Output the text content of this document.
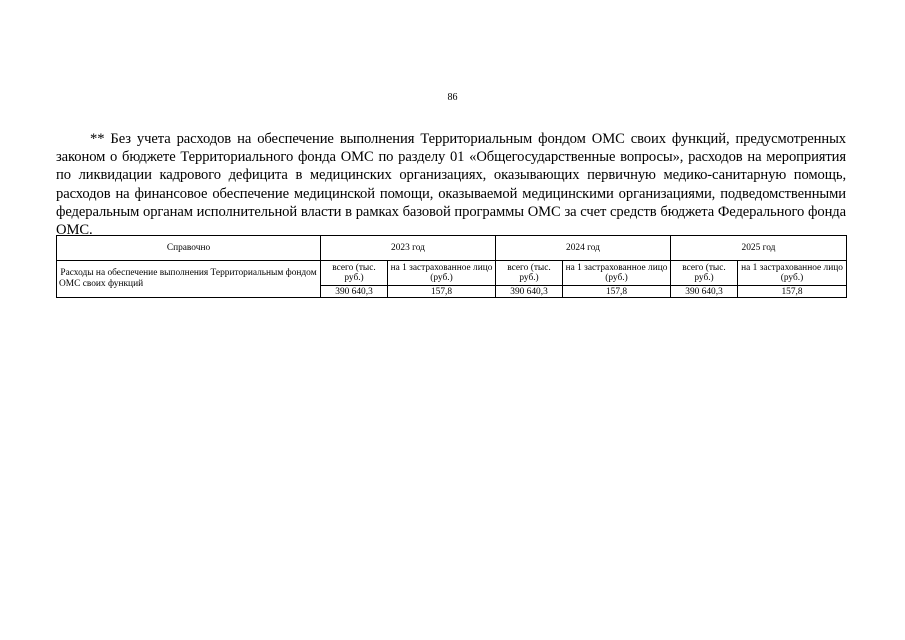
86

** Без учета расходов на обеспечение выполнения Территориальным фондом ОМС своих функций, предусмотренных законом о бюджете Территориального фонда ОМС по разделу 01 «Общегосударственные вопросы», расходов на мероприятия по ликвидации кадрового дефицита в медицинских организациях, оказывающих первичную медико-санитарную помощь, расходов на финансовое обеспечение медицинской помощи, оказываемой медицинскими организациями, подведомственными федеральным органам исполнительной власти в рамках базовой программы ОМС за счет средств бюджета Федерального фонда ОМС.

Справочно	2023 год		2024 год		2025 год	
Расходы на обеспечение выполнения Территориальным фондом ОМС своих функций	всего (тыс. руб.)	на 1 застрахованное лицо (руб.)	всего (тыс. руб.)	на 1 застрахованное лицо (руб.)	всего (тыс. руб.)	на 1 застрахованное лицо (руб.)
	390 640,3	157,8	390 640,3	157,8	390 640,3	157,8
